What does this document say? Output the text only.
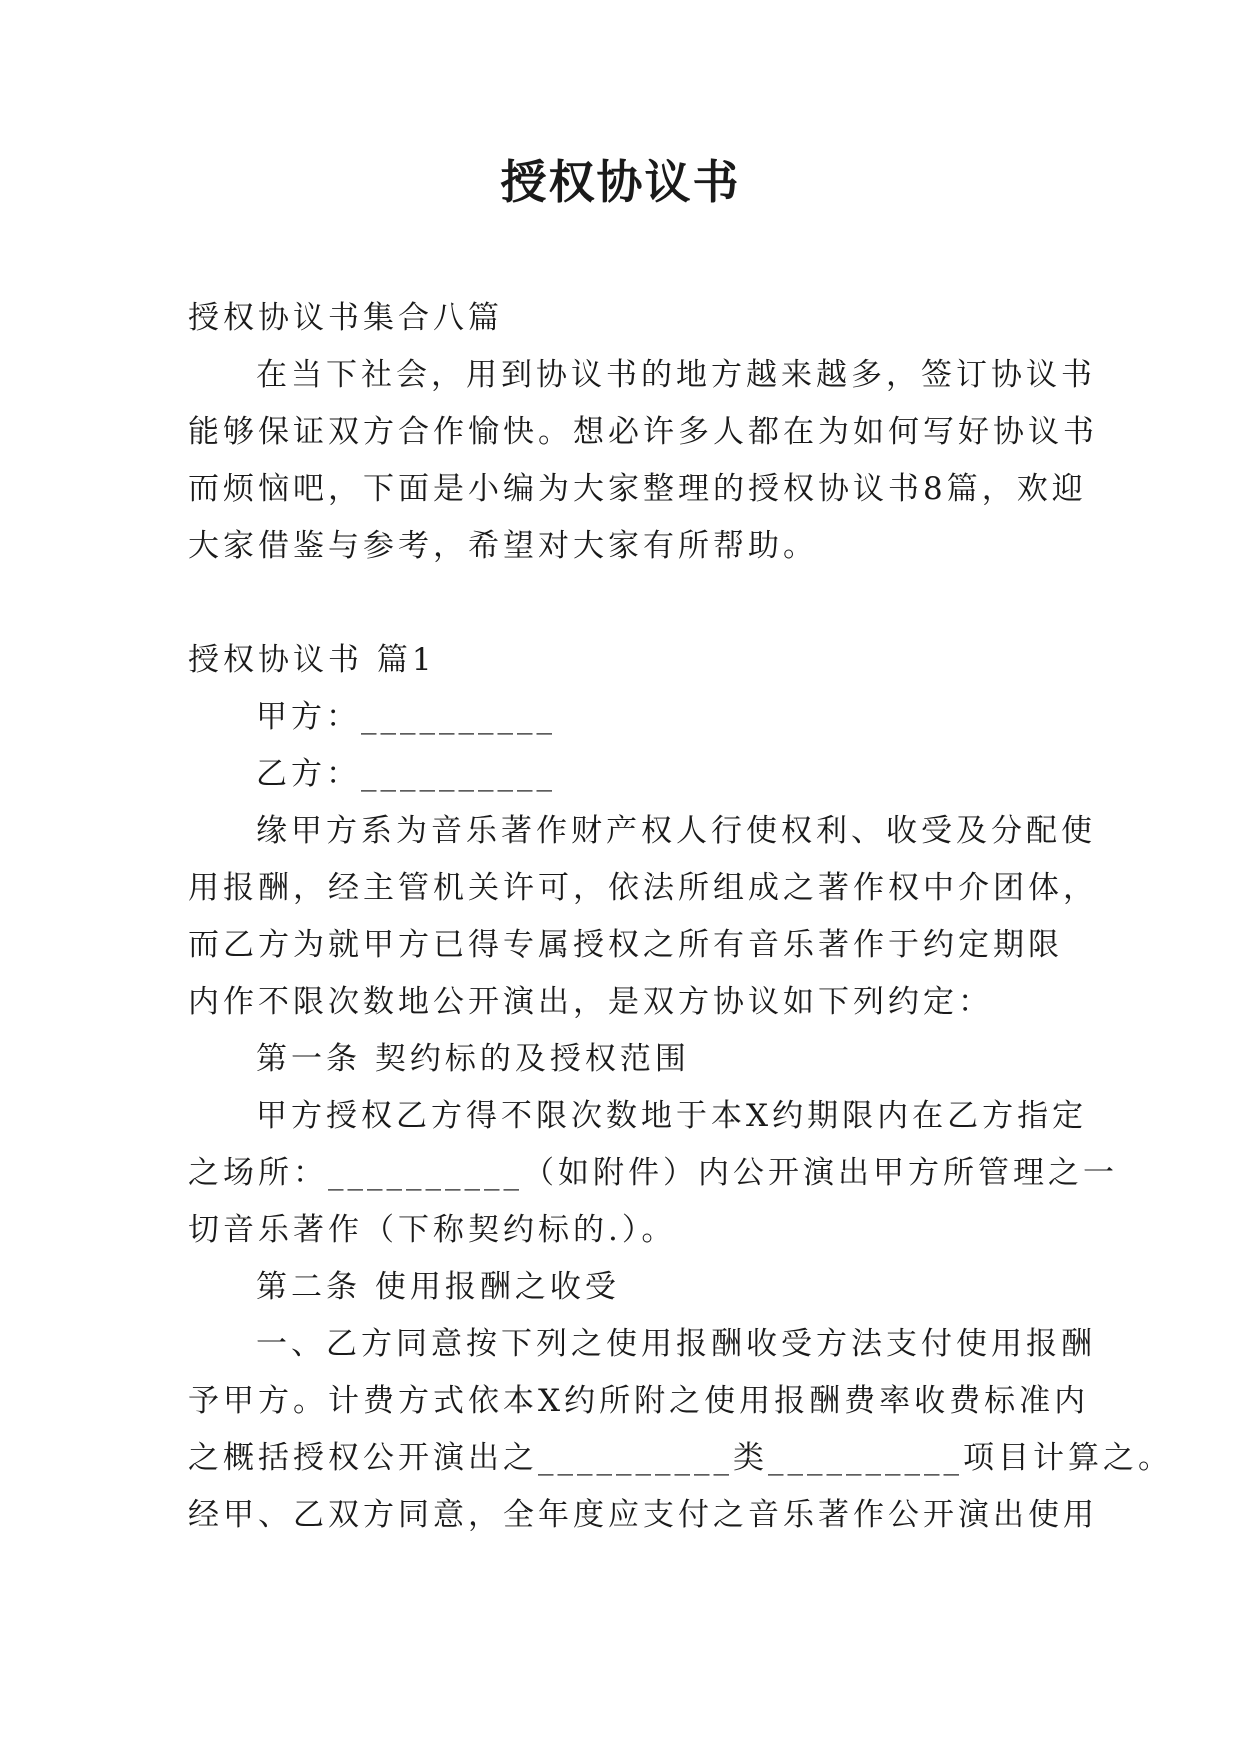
授权协议书
授权协议书集合八篇
在当下社会，用到协议书的地方越来越多，签订协议书
能够保证双方合作愉快。想必许多人都在为如何写好协议书
而烦恼吧，下面是小编为大家整理的授权协议书8篇，欢迎
大家借鉴与参考，希望对大家有所帮助。
授权协议书 篇1
甲方：__________
乙方：__________
缘甲方系为音乐著作财产权人行使权利、收受及分配使
用报酬，经主管机关许可，依法所组成之著作权中介团体，
而乙方为就甲方已得专属授权之所有音乐著作于约定期限
内作不限次数地公开演出，是双方协议如下列约定：
第一条 契约标的及授权范围
甲方授权乙方得不限次数地于本X约期限内在乙方指定
之场所：__________（如附件）内公开演出甲方所管理之一
切音乐著作（下称契约标的.）。
第二条 使用报酬之收受
一、乙方同意按下列之使用报酬收受方法支付使用报酬
予甲方。计费方式依本X约所附之使用报酬费率收费标准内
之概括授权公开演出之__________类__________项目计算之。
经甲、乙双方同意，全年度应支付之音乐著作公开演出使用
